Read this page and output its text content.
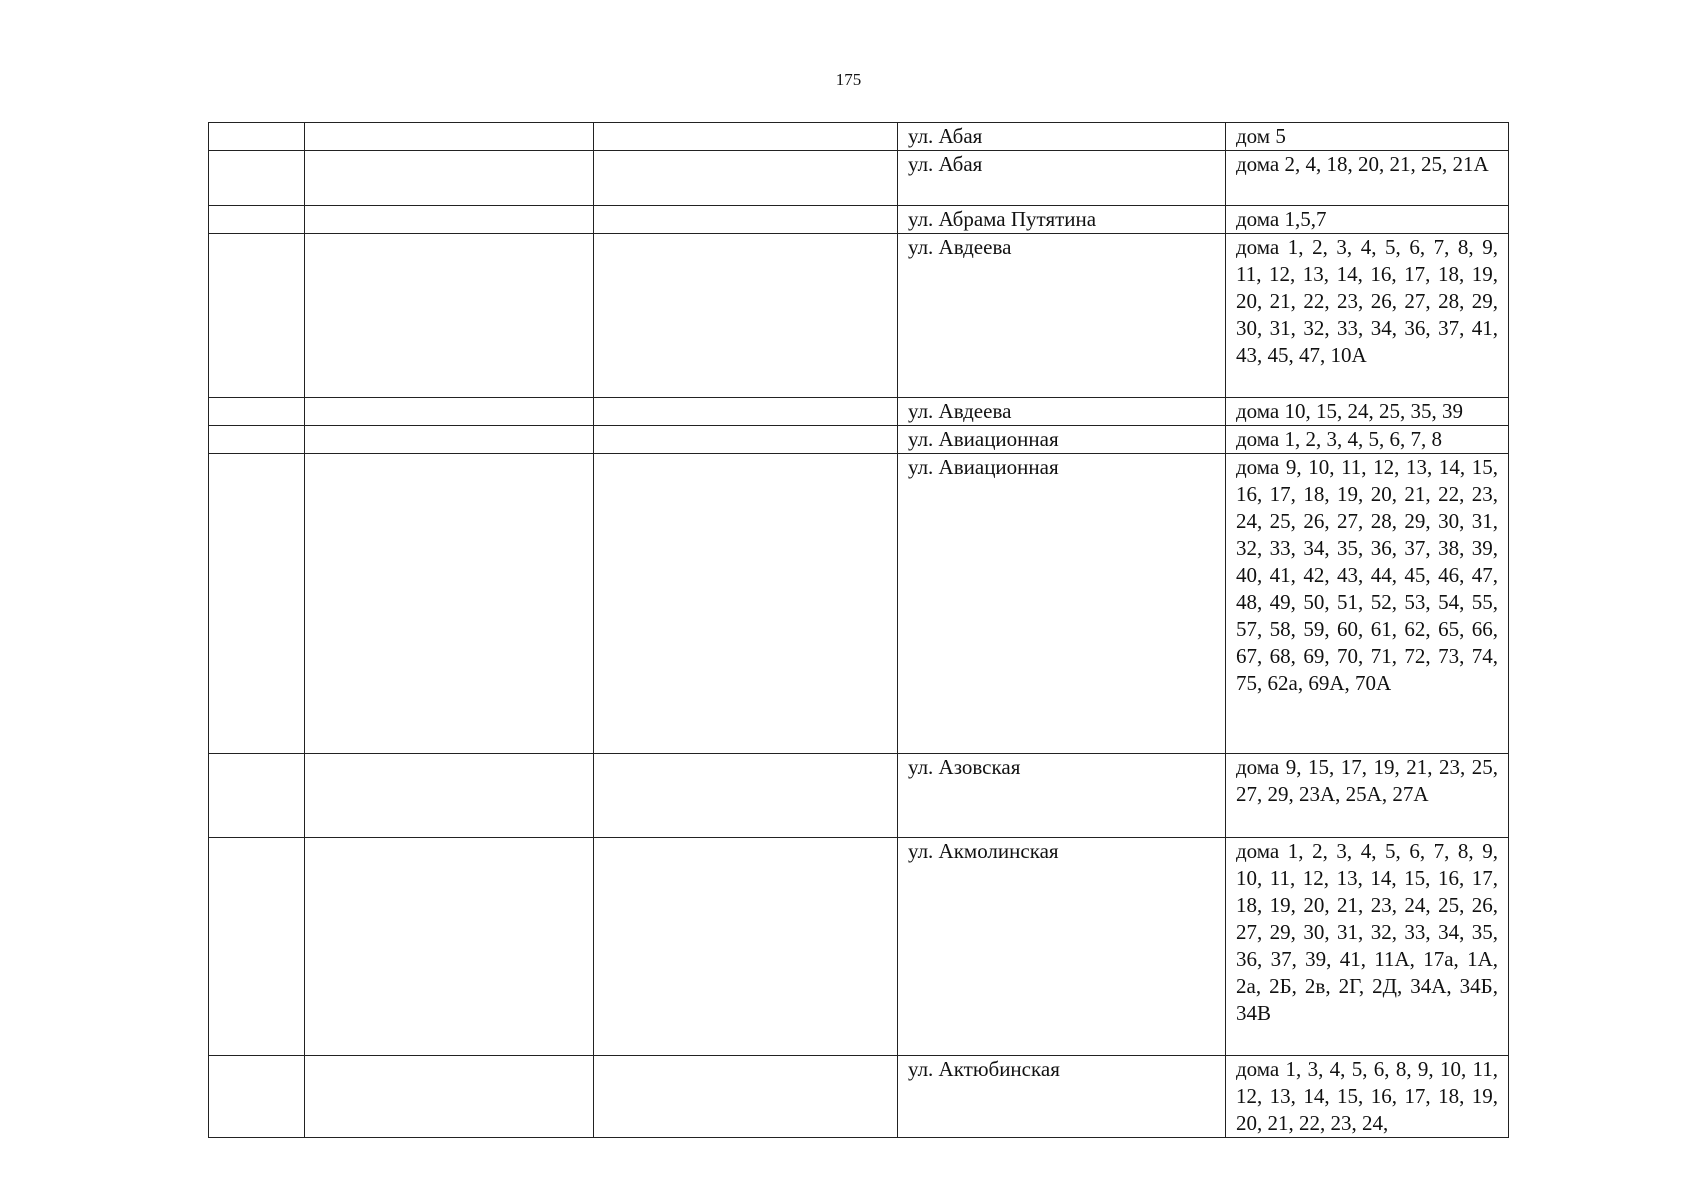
175
			ул. Абая	дом 5
			ул. Абая	дома 2, 4, 18, 20, 21, 25, 21А
			ул. Абрама Путятина	дома 1,5,7
			ул. Авдеева	дома 1, 2, 3, 4, 5, 6, 7, 8, 9, 11, 12, 13, 14, 16, 17, 18, 19, 20, 21, 22, 23, 26, 27, 28, 29, 30, 31, 32, 33, 34, 36, 37, 41, 43, 45, 47, 10А
			ул. Авдеева	дома 10, 15, 24, 25, 35, 39
			ул. Авиационная	дома 1, 2, 3, 4, 5, 6, 7, 8
			ул. Авиационная	дома 9, 10, 11, 12, 13, 14, 15, 16, 17, 18, 19, 20, 21, 22, 23, 24, 25, 26, 27, 28, 29, 30, 31, 32, 33, 34, 35, 36, 37, 38, 39, 40, 41, 42, 43, 44, 45, 46, 47, 48, 49, 50, 51, 52, 53, 54, 55, 57, 58, 59, 60, 61, 62, 65, 66, 67, 68, 69, 70, 71, 72, 73, 74, 75, 62а, 69А, 70А
			ул. Азовская	дома 9, 15, 17, 19, 21, 23, 25, 27, 29, 23А, 25А, 27А
			ул. Акмолинская	дома 1, 2, 3, 4, 5, 6, 7, 8, 9, 10, 11, 12, 13, 14, 15, 16, 17, 18, 19, 20, 21, 23, 24, 25, 26, 27, 29, 30, 31, 32, 33, 34, 35, 36, 37, 39, 41, 11А, 17а, 1А, 2а, 2Б, 2в, 2Г, 2Д, 34А, 34Б, 34В
			ул. Актюбинская	дома 1, 3, 4, 5, 6, 8, 9, 10, 11, 12, 13, 14, 15, 16, 17, 18, 19, 20, 21, 22, 23, 24,
